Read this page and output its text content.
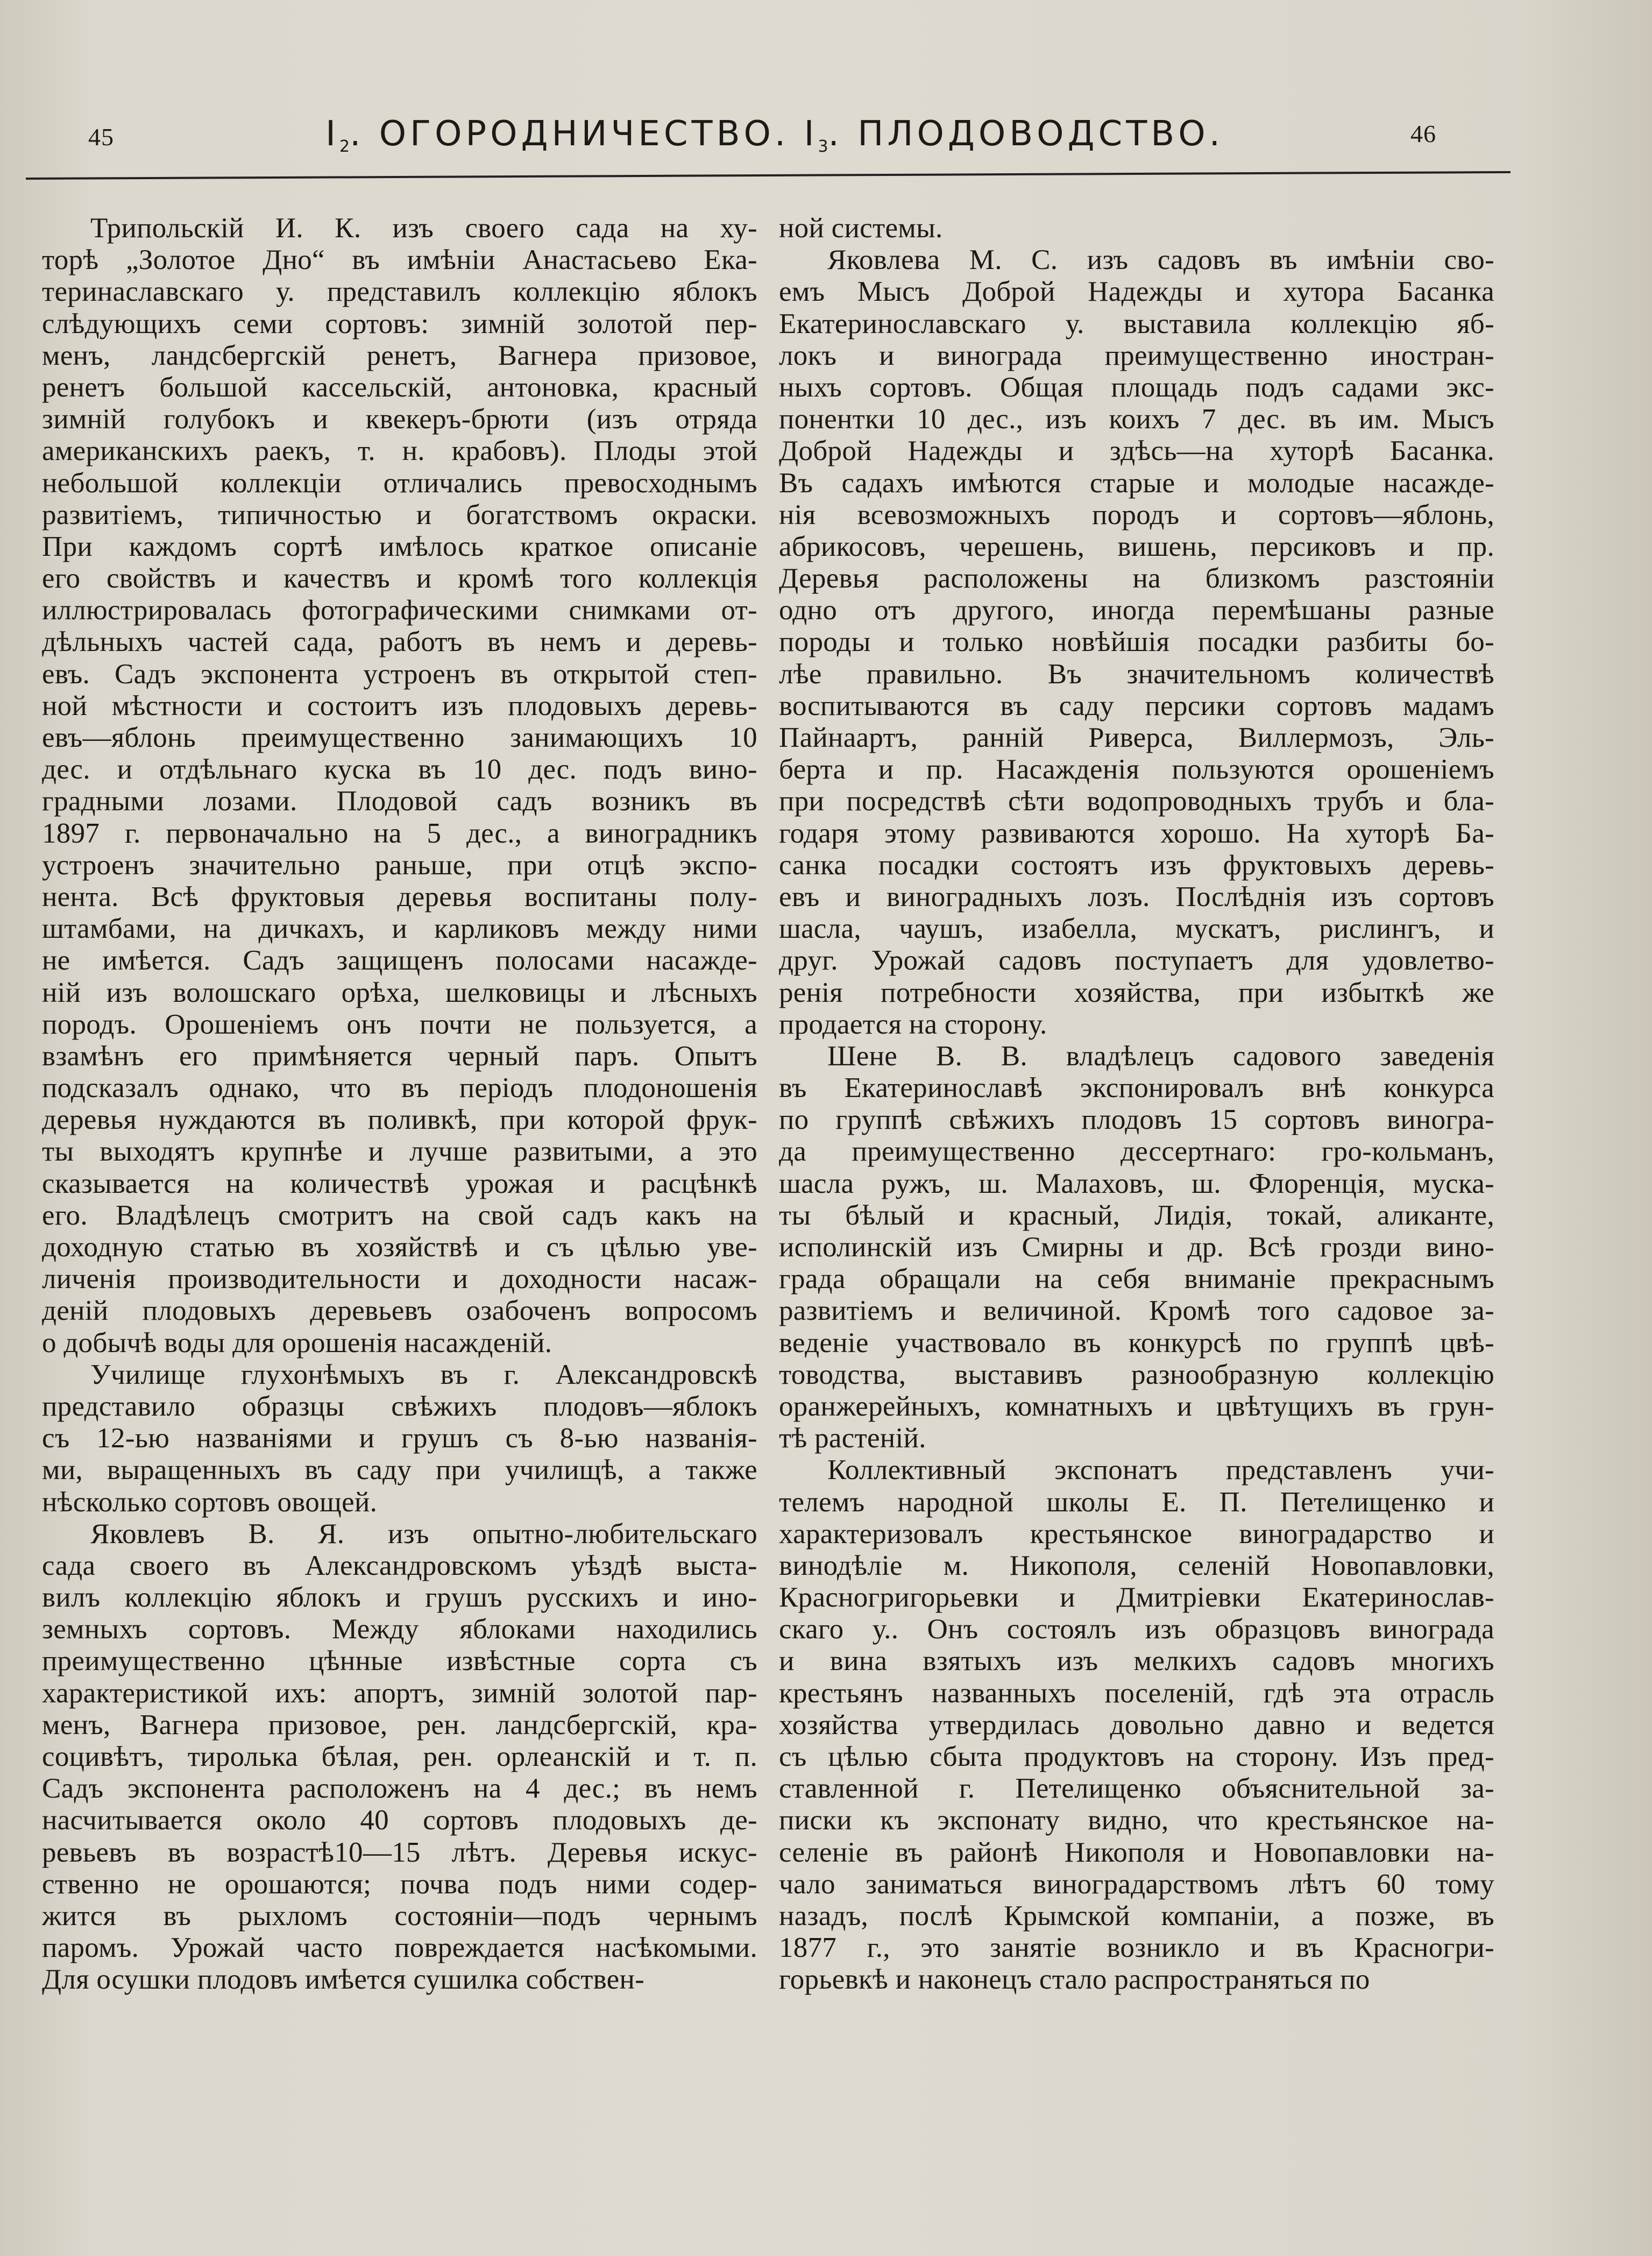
45	$I_2$. ОГОРОДНИЧЕСТВО. $I_3$. ПЛОДОВОДСТВО.	46
Трипольскій И. К. изъ своего сада на ху-
торѣ „Золотое Дно“ въ имѣніи Анастасьево Ека-
теринаславскаго у. представилъ коллекцію яблокъ
слѣдующихъ семи сортовъ: зимній золотой пер-
менъ, ландсбергскій ренетъ, Вагнера призовое,
ренетъ большой кассельскій, антоновка, красный
зимній голубокъ и квекеръ-брюти (изъ отряда
американскихъ раекъ, т. н. крабовъ). Плоды этой
небольшой коллекціи отличались превосходнымъ
развитіемъ, типичностью и богатствомъ окраски.
При каждомъ сортѣ имѣлось краткое описаніе
его свойствъ и качествъ и кромѣ того коллекція
иллюстрировалась фотографическими снимками от-
дѣльныхъ частей сада, работъ въ немъ и деревь-
евъ. Садъ экспонента устроенъ въ открытой степ-
ной мѣстности и состоитъ изъ плодовыхъ деревь-
евъ—яблонь преимущественно занимающихъ 10
дес. и отдѣльнаго куска въ 10 дес. подъ вино-
градными лозами. Плодовой садъ возникъ въ
1897 г. первоначально на 5 дес., а виноградникъ
устроенъ значительно раньше, при отцѣ экспо-
нента. Всѣ фруктовыя деревья воспитаны полу-
штамбами, на дичкахъ, и карликовъ между ними
не имѣется. Садъ защищенъ полосами насажде-
ній изъ волошскаго орѣха, шелковицы и лѣсныхъ
породъ. Орошеніемъ онъ почти не пользуется, а
взамѣнъ его примѣняется черный паръ. Опытъ
подсказалъ однако, что въ періодъ плодоношенія
деревья нуждаются въ поливкѣ, при которой фрук-
ты выходятъ крупнѣе и лучше развитыми, а это
сказывается на количествѣ урожая и расцѣнкѣ
его. Владѣлецъ смотритъ на свой садъ какъ на
доходную статью въ хозяйствѣ и съ цѣлью уве-
личенія производительности и доходности насаж-
деній плодовыхъ деревьевъ озабоченъ вопросомъ
о добычѣ воды для орошенія насажденій.
Училище глухонѣмыхъ въ г. Александровскѣ
представило образцы свѣжихъ плодовъ—яблокъ
съ 12-ью названіями и грушъ съ 8-ью названія-
ми, выращенныхъ въ саду при училищѣ, а также
нѣсколько сортовъ овощей.
Яковлевъ В. Я. изъ опытно-любительскаго
сада своего въ Александровскомъ уѣздѣ выста-
вилъ коллекцію яблокъ и грушъ русскихъ и ино-
земныхъ сортовъ. Между яблоками находились
преимущественно цѣнные извѣстные сорта съ
характеристикой ихъ: апортъ, зимній золотой пар-
менъ, Вагнера призовое, рен. ландсбергскій, кра-
социвѣтъ, тиролька бѣлая, рен. орлеанскій и т. п.
Садъ экспонента расположенъ на 4 дес.; въ немъ
насчитывается около 40 сортовъ плодовыхъ де-
ревьевъ въ возрастѣ10—15 лѣтъ. Деревья искус-
ственно не орошаются; почва подъ ними содер-
жится въ рыхломъ состояніи—подъ чернымъ
паромъ. Урожай часто повреждается насѣкомыми.
Для осушки плодовъ имѣется сушилка собствен-
ной системы.
Яковлева М. С. изъ садовъ въ имѣніи сво-
емъ Мысъ Доброй Надежды и хутора Басанка
Екатеринославскаго у. выставила коллекцію яб-
локъ и винограда преимущественно иностран-
ныхъ сортовъ. Общая площадь подъ садами экс-
понентки 10 дес., изъ коихъ 7 дес. въ им. Мысъ
Доброй Надежды и здѣсь—на хуторѣ Басанка.
Въ садахъ имѣются старые и молодые насажде-
нія всевозможныхъ породъ и сортовъ—яблонь,
абрикосовъ, черешень, вишень, персиковъ и пр.
Деревья расположены на близкомъ разстояніи
одно отъ другого, иногда перемѣшаны разные
породы и только новѣйшія посадки разбиты бо-
лѣе правильно. Въ значительномъ количествѣ
воспитываются въ саду персики сортовъ мадамъ
Пайнаартъ, ранній Риверса, Виллермозъ, Эль-
берта и пр. Насажденія пользуются орошеніемъ
при посредствѣ сѣти водопроводныхъ трубъ и бла-
годаря этому развиваются хорошо. На хуторѣ Ба-
санка посадки состоятъ изъ фруктовыхъ деревь-
евъ и виноградныхъ лозъ. Послѣднія изъ сортовъ
шасла, чаушъ, изабелла, мускатъ, рислингъ, и
друг. Урожай садовъ поступаетъ для удовлетво-
ренія потребности хозяйства, при избыткѣ же
продается на сторону.
Шене В. В. владѣлецъ садового заведенія
въ Екатеринославѣ экспонировалъ внѣ конкурса
по группѣ свѣжихъ плодовъ 15 сортовъ виногра-
да преимущественно дессертнаго: гро-кольманъ,
шасла ружъ, ш. Малаховъ, ш. Флоренція, муска-
ты бѣлый и красный, Лидія, токай, аликанте,
исполинскій изъ Смирны и др. Всѣ грозди вино-
града обращали на себя вниманіе прекраснымъ
развитіемъ и величиной. Кромѣ того садовое за-
веденіе участвовало въ конкурсѣ по группѣ цвѣ-
товодства, выставивъ разнообразную коллекцію
оранжерейныхъ, комнатныхъ и цвѣтущихъ въ грун-
тѣ растеній.
Коллективный экспонатъ представленъ учи-
телемъ народной школы Е. П. Петелищенко и
характеризовалъ крестьянское виноградарство и
винодѣліе м. Никополя, селеній Новопавловки,
Красногригорьевки и Дмитріевки Екатеринослав-
скаго у.. Онъ состоялъ изъ образцовъ винограда
и вина взятыхъ изъ мелкихъ садовъ многихъ
крестьянъ названныхъ поселеній, гдѣ эта отрасль
хозяйства утвердилась довольно давно и ведется
съ цѣлью сбыта продуктовъ на сторону. Изъ пред-
ставленной г. Петелищенко объяснительной за-
писки къ экспонату видно, что крестьянское на-
селеніе въ районѣ Никополя и Новопавловки на-
чало заниматься виноградарствомъ лѣтъ 60 тому
назадъ, послѣ Крымской компаніи, а позже, въ
1877 г., это занятіе возникло и въ Красногри-
горьевкѣ и наконецъ стало распространяться по
